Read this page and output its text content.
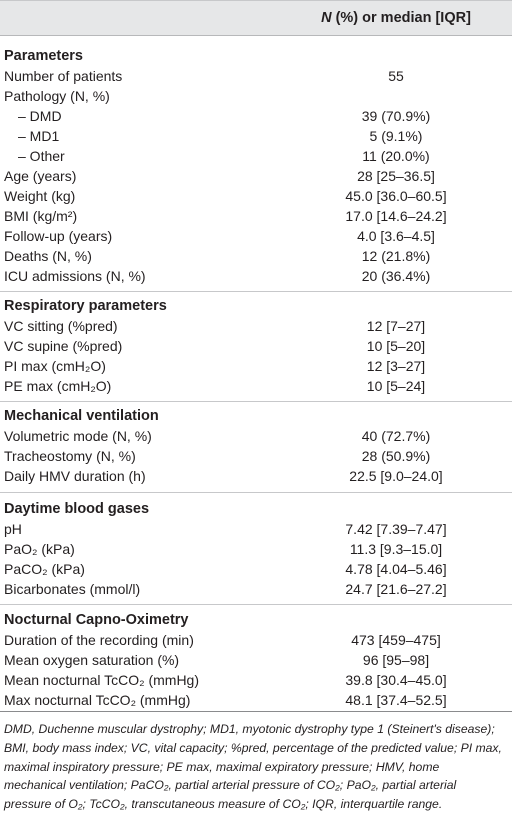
N (%) or median [IQR]
Parameters
Number of patients	55
Pathology (N, %)
– DMD	39 (70.9%)
– MD1	5 (9.1%)
– Other	11 (20.0%)
Age (years)	28 [25–36.5]
Weight (kg)	45.0 [36.0–60.5]
BMI (kg/m²)	17.0 [14.6–24.2]
Follow-up (years)	4.0 [3.6–4.5]
Deaths (N, %)	12 (21.8%)
ICU admissions (N, %)	20 (36.4%)
Respiratory parameters
VC sitting (%pred)	12 [7–27]
VC supine (%pred)	10 [5–20]
PI max (cmH₂O)	12 [3–27]
PE max (cmH₂O)	10 [5–24]
Mechanical ventilation
Volumetric mode (N, %)	40 (72.7%)
Tracheostomy (N, %)	28 (50.9%)
Daily HMV duration (h)	22.5 [9.0–24.0]
Daytime blood gases
pH	7.42 [7.39–7.47]
PaO₂ (kPa)	11.3 [9.3–15.0]
PaCO₂ (kPa)	4.78 [4.04–5.46]
Bicarbonates (mmol/l)	24.7 [21.6–27.2]
Nocturnal Capno-Oximetry
Duration of the recording (min)	473 [459–475]
Mean oxygen saturation (%)	96 [95–98]
Mean nocturnal TcCO₂ (mmHg)	39.8 [30.4–45.0]
Max nocturnal TcCO₂ (mmHg)	48.1 [37.4–52.5]
DMD, Duchenne muscular dystrophy; MD1, myotonic dystrophy type 1 (Steinert's disease); BMI, body mass index; VC, vital capacity; %pred, percentage of the predicted value; PI max, maximal inspiratory pressure; PE max, maximal expiratory pressure; HMV, home mechanical ventilation; PaCO₂, partial arterial pressure of CO₂; PaO₂, partial arterial pressure of O₂; TcCO₂, transcutaneous measure of CO₂; IQR, interquartile range.
